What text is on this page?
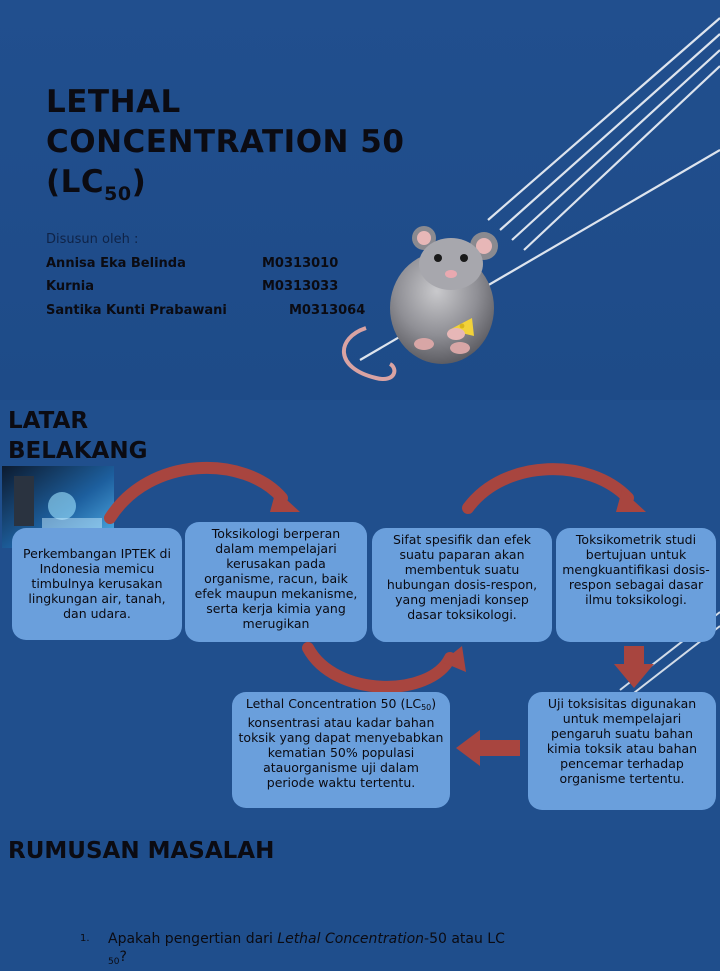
LETHAL
CONCENTRATION 50
$(LC_{50})$
Disusun oleh :
Annisa Eka Belinda	M0313010
Kurnia	M0313033
Santika Kunti Prabawani	M0313064
LATAR
BELAKANG
Perkembangan IPTEK di Indonesia memicu timbulnya kerusakan lingkungan air, tanah, dan udara.
Toksikologi berperan dalam mempelajari kerusakan pada organisme, racun, baik efek maupun mekanisme, serta kerja kimia yang merugikan
Sifat spesifik dan efek suatu paparan akan membentuk suatu hubungan dosis-respon, yang menjadi konsep dasar toksikologi.
Toksikometrik studi bertujuan untuk mengkuantifikasi dosis-respon sebagai dasar ilmu toksikologi.
Uji toksisitas digunakan untuk mempelajari pengaruh suatu bahan kimia toksik atau bahan pencemar terhadap organisme tertentu.
Lethal Concentration 50 $(LC_{50})$ konsentrasi atau kadar bahan toksik yang dapat menyebabkan kematian 50% populasi atauorganisme uji dalam periode waktu tertentu.
RUMUSAN MASALAH
1. Apakah pengertian dari Lethal Concentration-50 atau LC
$_{50}$?
